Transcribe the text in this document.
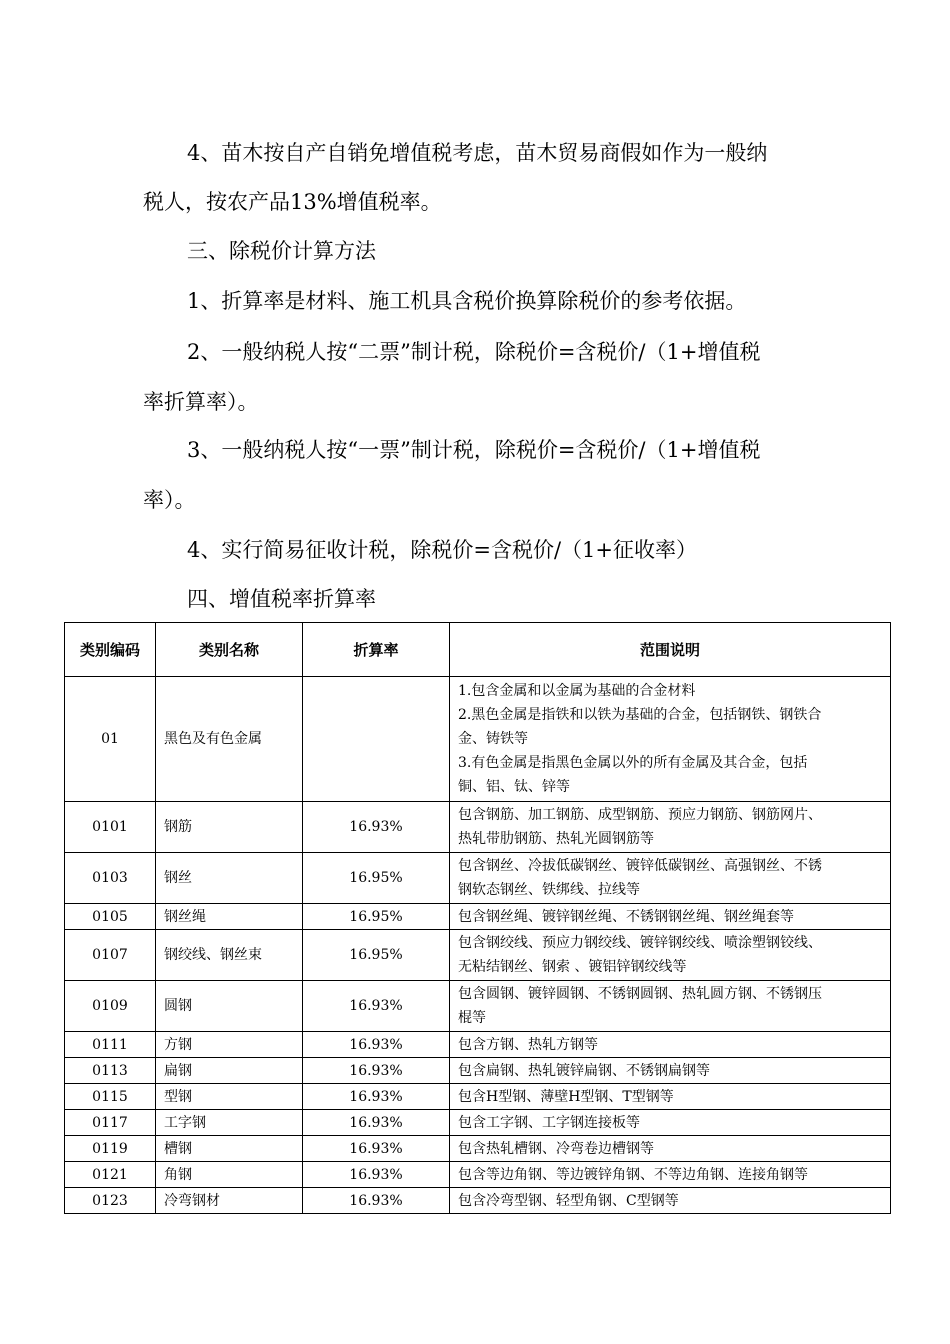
4、苗木按自产自销免增值税考虑，苗木贸易商假如作为一般纳

税人，按农产品13%增值税率。

三、除税价计算方法

1、折算率是材料、施工机具含税价换算除税价的参考依据。

2、一般纳税人按“二票”制计税，除税价=含税价/（1+增值税

率折算率）。

3、一般纳税人按“一票”制计税，除税价=含税价/（1+增值税

率）。

4、实行简易征收计税，除税价=含税价/（1+征收率）

四、增值税率折算率

类别编码	类别名称	折算率	范围说明
01	黑色及有色金属		1.包含金属和以金属为基础的合金材料
2.黑色金属是指铁和以铁为基础的合金，包括钢铁、钢铁合
金、铸铁等
3.有色金属是指黑色金属以外的所有金属及其合金，包括
铜、铝、钛、锌等

0101	钢筋	16.93%	包含钢筋、加工钢筋、成型钢筋、预应力钢筋、钢筋网片、
热轧带肋钢筋、热轧光圆钢筋等

0103	钢丝	16.95%	包含钢丝、冷拔低碳钢丝、镀锌低碳钢丝、高强钢丝、不锈
钢软态钢丝、铁绑线、拉线等

0105	钢丝绳	16.95%	包含钢丝绳、镀锌钢丝绳、不锈钢钢丝绳、钢丝绳套等

0107	钢绞线、钢丝束	16.95%	包含钢绞线、预应力钢绞线、镀锌钢绞线、喷涂塑钢铰线、
无粘结钢丝、钢索 、镀铝锌钢绞线等

0109	圆钢	16.93%	包含圆钢、镀锌圆钢、不锈钢圆钢、热轧圆方钢、不锈钢压
棍等

0111	方钢	16.93%	包含方钢、热轧方钢等

0113	扁钢	16.93%	包含扁钢、热轧镀锌扁钢、不锈钢扁钢等

0115	型钢	16.93%	包含H型钢、薄壁H型钢、T型钢等

0117	工字钢	16.93%	包含工字钢、工字钢连接板等

0119	槽钢	16.93%	包含热轧槽钢、冷弯卷边槽钢等

0121	角钢	16.93%	包含等边角钢、等边镀锌角钢、不等边角钢、连接角钢等

0123	冷弯钢材	16.93%	包含冷弯型钢、轻型角钢、C型钢等
